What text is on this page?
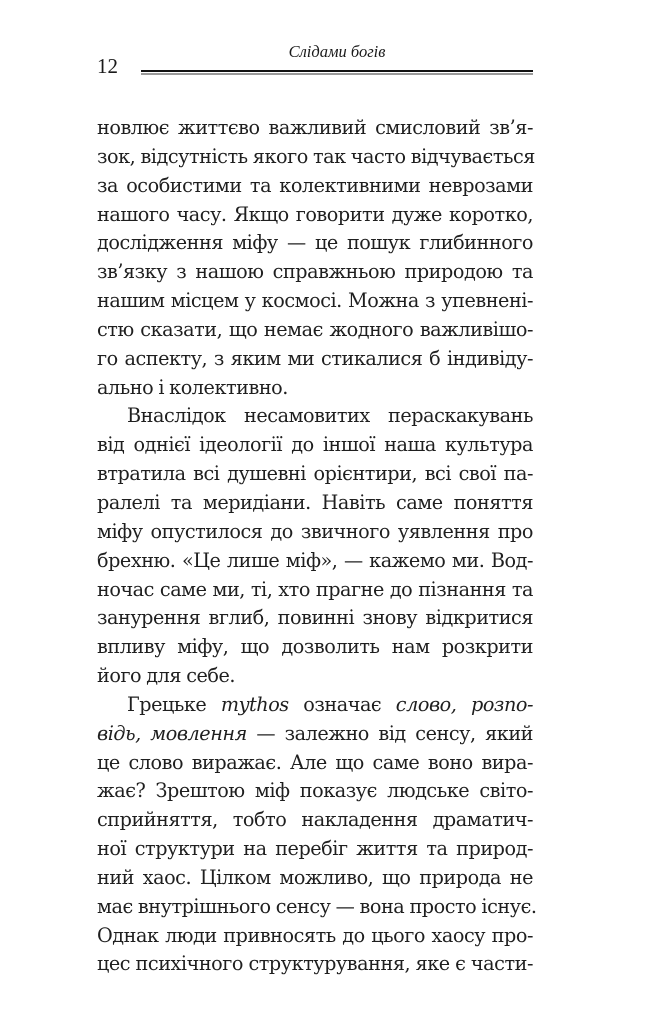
12
Слідами богів
новлює життєво важливий смисловий зв’я-
зок, відсутність якого так часто відчувається
за особистими та колективними неврозами
нашого часу. Якщо говорити дуже коротко,
дослідження міфу — це пошук глибинного
зв’язку з нашою справжньою природою та
нашим місцем у космосі. Можна з упевнені-
стю сказати, що немає жодного важливішо-
го аспекту, з яким ми стикалися б індивіду-
ально і колективно.
Внаслідок несамовитих пераскакувань
від однієї ідеології до іншої наша культура
втратила всі душевні орієнтири, всі свої па-
ралелі та меридіани. Навіть саме поняття
міфу опустилося до звичного уявлення про
брехню. «Це лише міф», — кажемо ми. Вод-
ночас саме ми, ті, хто прагне до пізнання та
занурення вглиб, повинні знову відкритися
впливу міфу, що дозволить нам розкрити
його для себе.
Грецьке mythos означає слово, розпо-
відь, мовлення — залежно від сенсу, який
це слово виражає. Але що саме воно вира-
жає? Зрештою міф показує людське світо-
сприйняття, тобто накладення драматич-
ної структури на перебіг життя та природ-
ний хаос. Цілком можливо, що природа не
має внутрішнього сенсу — вона просто існує.
Однак люди привносять до цього хаосу про-
цес психічного структурування, яке є части-
